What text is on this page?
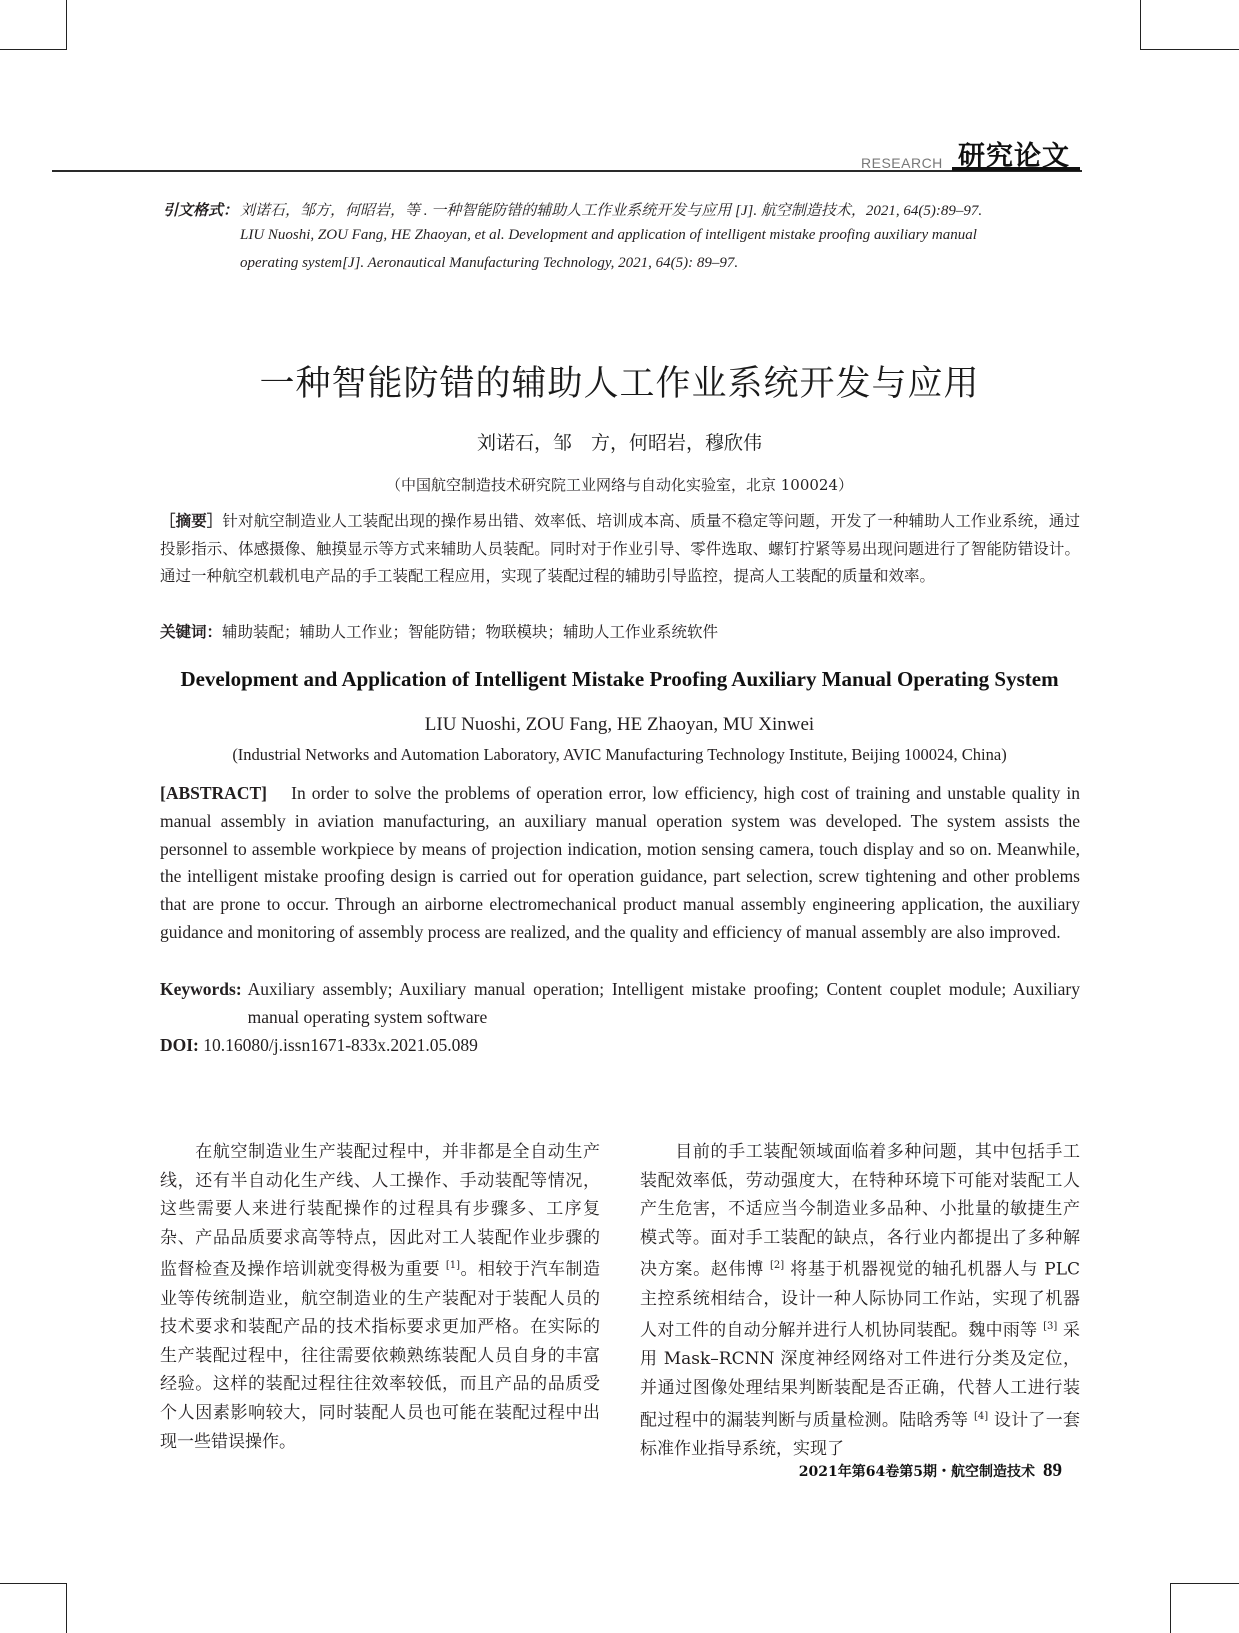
RESEARCH 研究论文
引文格式： 刘诺石，邹方，何昭岩，等 . 一种智能防错的辅助人工作业系统开发与应用 [J]. 航空制造技术，2021, 64(5):89–97.
LIU Nuoshi, ZOU Fang, HE Zhaoyan, et al. Development and application of intelligent mistake proofing auxiliary manual
operating system[J]. Aeronautical Manufacturing Technology, 2021, 64(5): 89–97.
一种智能防错的辅助人工作业系统开发与应用
刘诺石，邹　方，何昭岩，穆欣伟
（中国航空制造技术研究院工业网络与自动化实验室，北京 100024）
［摘要］针对航空制造业人工装配出现的操作易出错、效率低、培训成本高、质量不稳定等问题，开发了一种辅助人工作业系统，通过投影指示、体感摄像、触摸显示等方式来辅助人员装配。同时对于作业引导、零件选取、螺钉拧紧等易出现问题进行了智能防错设计。通过一种航空机载机电产品的手工装配工程应用，实现了装配过程的辅助引导监控，提高人工装配的质量和效率。
关键词：辅助装配；辅助人工作业；智能防错；物联模块；辅助人工作业系统软件
Development and Application of Intelligent Mistake Proofing Auxiliary Manual Operating System
LIU Nuoshi, ZOU Fang, HE Zhaoyan, MU Xinwei
(Industrial Networks and Automation Laboratory, AVIC Manufacturing Technology Institute, Beijing 100024, China)
[ABSTRACT] In order to solve the problems of operation error, low efficiency, high cost of training and unstable quality in manual assembly in aviation manufacturing, an auxiliary manual operation system was developed. The system assists the personnel to assemble workpiece by means of projection indication, motion sensing camera, touch display and so on. Meanwhile, the intelligent mistake proofing design is carried out for operation guidance, part selection, screw tightening and other problems that are prone to occur. Through an airborne electromechanical product manual assembly engineering application, the auxiliary guidance and monitoring of assembly process are realized, and the quality and efficiency of manual assembly are also improved.
Keywords: Auxiliary assembly; Auxiliary manual operation; Intelligent mistake proofing; Content couplet module; Auxiliary manual operating system software
DOI: 10.16080/j.issn1671-833x.2021.05.089
　　在航空制造业生产装配过程中，并非都是全自动生产线，还有半自动化生产线、人工操作、手动装配等情况，这些需要人来进行装配操作的过程具有步骤多、工序复杂、产品品质要求高等特点，因此对工人装配作业步骤的监督检查及操作培训就变得极为重要 [1]。相较于汽车制造业等传统制造业，航空制造业的生产装配对于装配人员的技术要求和装配产品的技术指标要求更加严格。在实际的生产装配过程中，往往需要依赖熟练装配人员自身的丰富经验。这样的装配过程往往效率较低，而且产品的品质受个人因素影响较大，同时装配人员也可能在装配过程中出现一些错误操作。
　　目前的手工装配领域面临着多种问题，其中包括手工装配效率低，劳动强度大，在特种环境下可能对装配工人产生危害，不适应当今制造业多品种、小批量的敏捷生产模式等。面对手工装配的缺点，各行业内都提出了多种解决方案。赵伟博 [2] 将基于机器视觉的轴孔机器人与 PLC 主控系统相结合，设计一种人际协同工作站，实现了机器人对工件的自动分解并进行人机协同装配。魏中雨等 [3] 采用 Mask–RCNN 深度神经网络对工件进行分类及定位，并通过图像处理结果判断装配是否正确，代替人工进行装配过程中的漏装判断与质量检测。陆晗秀等 [4] 设计了一套标准作业指导系统，实现了
2021年第64卷第5期・航空制造技术 89
